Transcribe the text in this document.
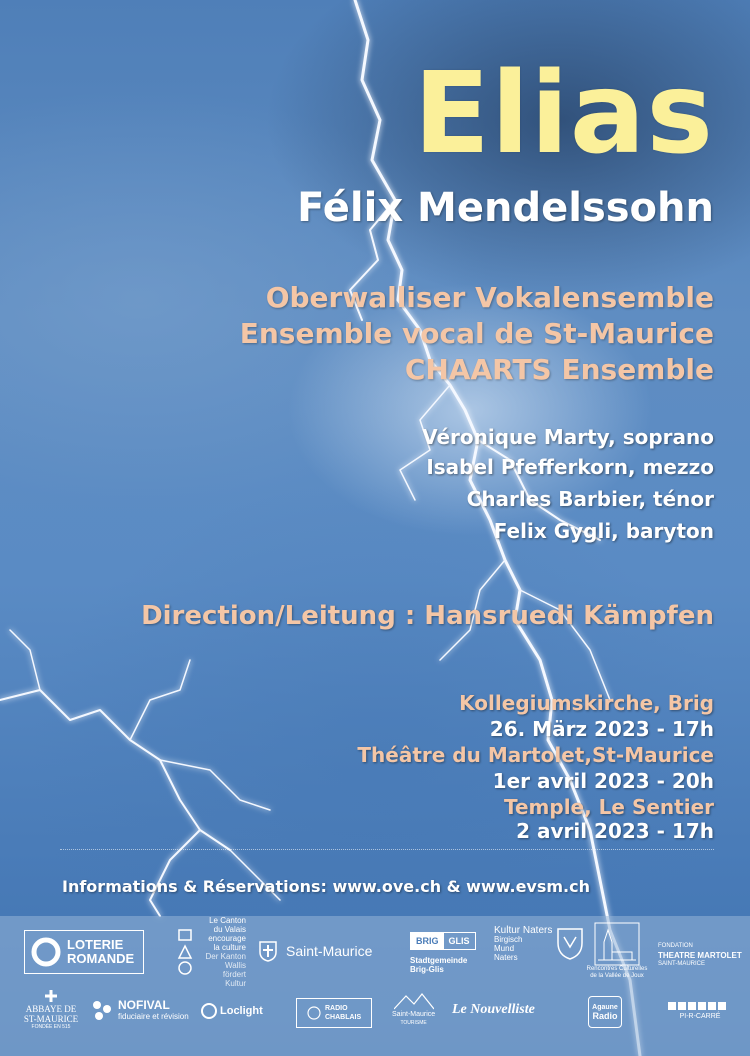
Elias
Félix Mendelssohn
Oberwalliser Vokalensemble
Ensemble vocal de St-Maurice
CHAARTS Ensemble
Véronique Marty, soprano
Isabel Pfefferkorn, mezzo
Charles Barbier, ténor
Felix Gygli, baryton
Direction/Leitung : Hansruedi Kämpfen
Kollegiumskirche, Brig
26. März 2023 - 17h
Théâtre du Martolet,St-Maurice
1er avril 2023 - 20h
Temple, Le Sentier
2 avril 2023 - 17h
Informations & Réservations: www.ove.ch & www.evsm.ch
LOTERIE
ROMANDE
Le Canton
du Valais
encourage
la culture
Der Kanton
Wallis
fördert Kultur
Saint-Maurice
BRIG	GLIS
Stadtgemeinde
Brig-Glis
Kultur Naters
Birgisch
Mund
Naters
Rencontres Culturelles
de la Vallée de Joux
FONDATION
THEATRE MARTOLET
SAINT-MAURICE
ABBAYE DE
ST-MAURICE
FONDÉE EN 515
NOFIVAL
fiduciaire et révision	Loclight	RADIO
CHABLAIS	Saint-Maurice
TOURISME
Le Nouvelliste	Agaune
Radio	PI-R-CARRÉ
